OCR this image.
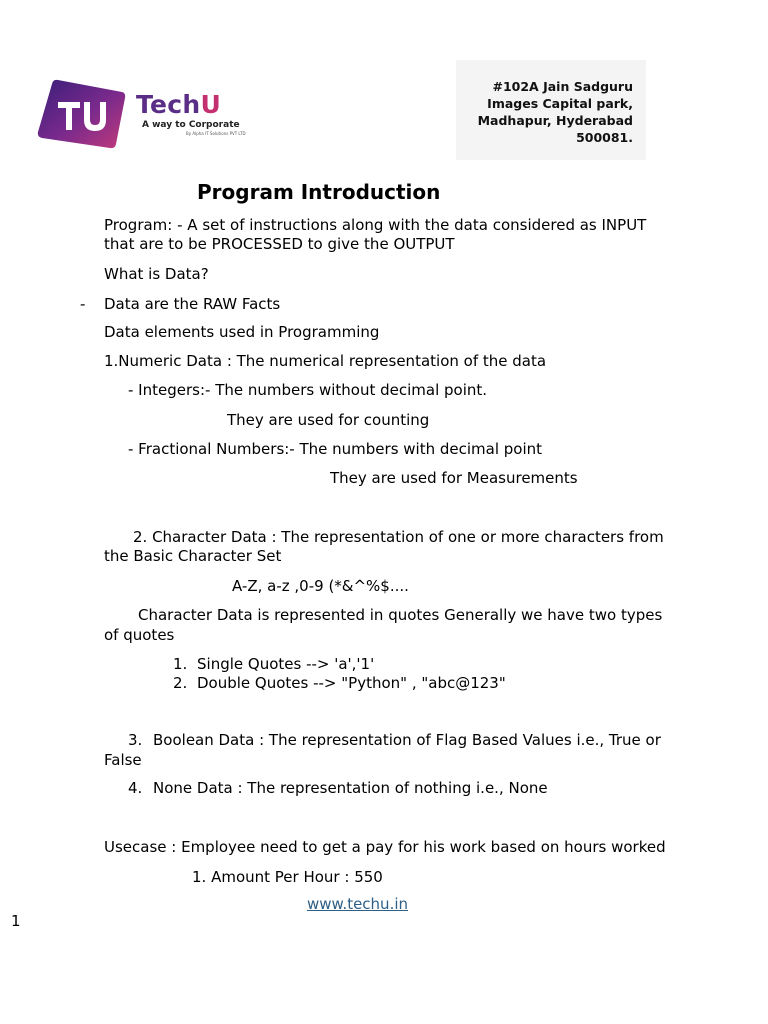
TechU
A way to Corporate
By Alpha IT Solutions PVT LTD
#102A Jain Sadguru
Images Capital park,
Madhapur, Hyderabad
500081.
Program Introduction
Program: - A set of instructions along with the data considered as INPUT
that are to be PROCESSED to give the OUTPUT
What is Data?
- Data are the RAW Facts
Data elements used in Programming
1.Numeric Data : The numerical representation of the data
- Integers:- The numbers without decimal point.
They are used for counting
- Fractional Numbers:- The numbers with decimal point
They are used for Measurements
2. Character Data : The representation of one or more characters from
the Basic Character Set
A-Z, a-z ,0-9 (*&^%$....
Character Data is represented in quotes Generally we have two types
of quotes
1. Single Quotes --> 'a','1'
2. Double Quotes --> "Python" , "abc@123"
3. Boolean Data : The representation of Flag Based Values i.e., True or
False
4. None Data : The representation of nothing i.e., None
Usecase : Employee need to get a pay for his work based on hours worked
1. Amount Per Hour : 550
www.techu.in
1
